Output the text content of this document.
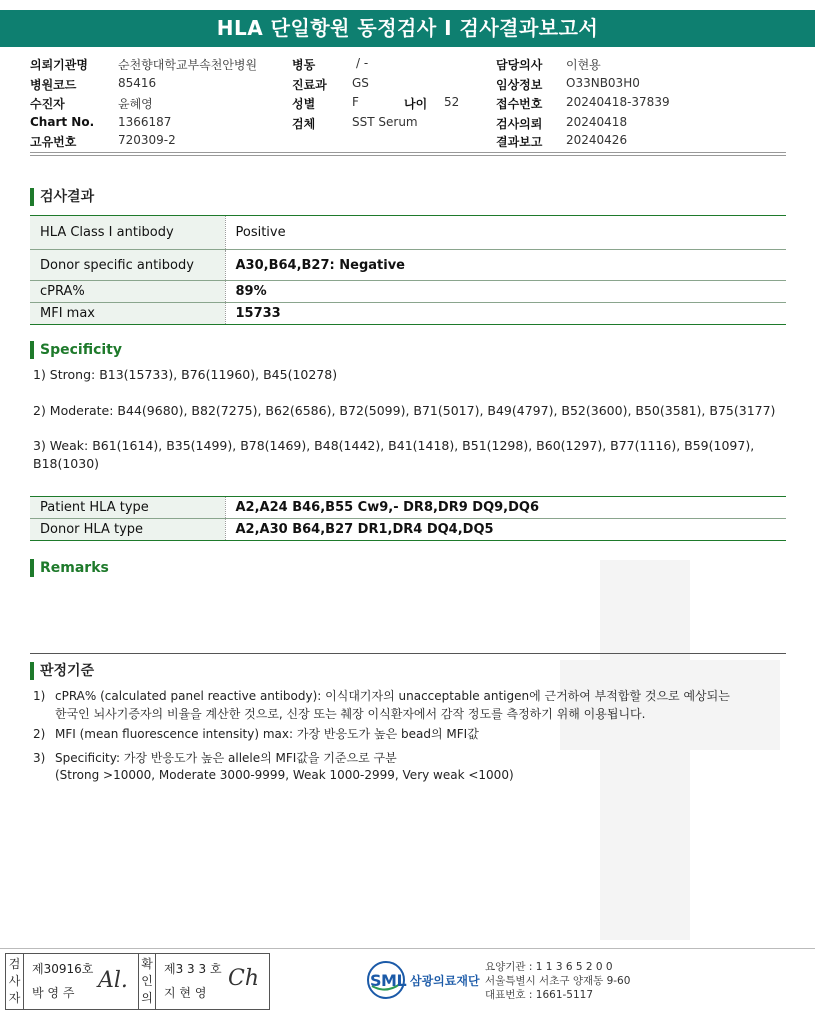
HLA 단일항원 동정검사 I 검사결과보고서
의뢰기관명	순천향대학교부속천안병원	병동	/ -	담당의사 이현용
병원코드	85416	진료과 GS	임상정보 O33NB03H0
수진자	윤혜영	성별	F	나이 52	접수번호 20240418-37839
Chart No. 1366187	검체	SST Serum	검사의뢰 20240418
고유번호	720309-2	결과보고 20240426
검사결과
HLA Class I antibody	Positive
Donor specific antibody	A30,B64,B27: Negative
cPRA%	89%
MFI max	15733
Specificity
1) Strong: B13(15733), B76(11960), B45(10278)
2) Moderate: B44(9680), B82(7275), B62(6586), B72(5099), B71(5017), B49(4797), B52(3600), B50(3581), B75(3177)
3) Weak: B61(1614), B35(1499), B78(1469), B48(1442), B41(1418), B51(1298), B60(1297), B77(1116), B59(1097),
B18(1030)
Patient HLA type	A2,A24 B46,B55 Cw9,- DR8,DR9 DQ9,DQ6
Donor HLA type	A2,A30 B64,B27 DR1,DR4 DQ4,DQ5
Remarks
판정기준
1) cPRA% (calculated panel reactive antibody): 이식대기자의 unacceptable antigen에 근거하여 부적합할 것으로 예상되는
한국인 뇌사기증자의 비율을 계산한 것으로, 신장 또는 췌장 이식환자에서 감작 정도를 측정하기 위해 이용됩니다.
2) MFI (mean fluorescence intensity) max: 가장 반응도가 높은 bead의 MFI값
3) Specificity: 가장 반응도가 높은 allele의 MFI값을 기준으로 구분
(Strong >10000, Moderate 3000-9999, Weak 1000-2999, Very weak <1000)
검
사
자
제30916호
박 영 주 Al.
확
인
의
제3 3 3 호
지 현 영
Ch	SML 삼광의료재단
요양기관 : 1 1 3 6 5 2 0 0
서울특별시 서초구 양재동 9-60
대표번호 : 1661-5117
